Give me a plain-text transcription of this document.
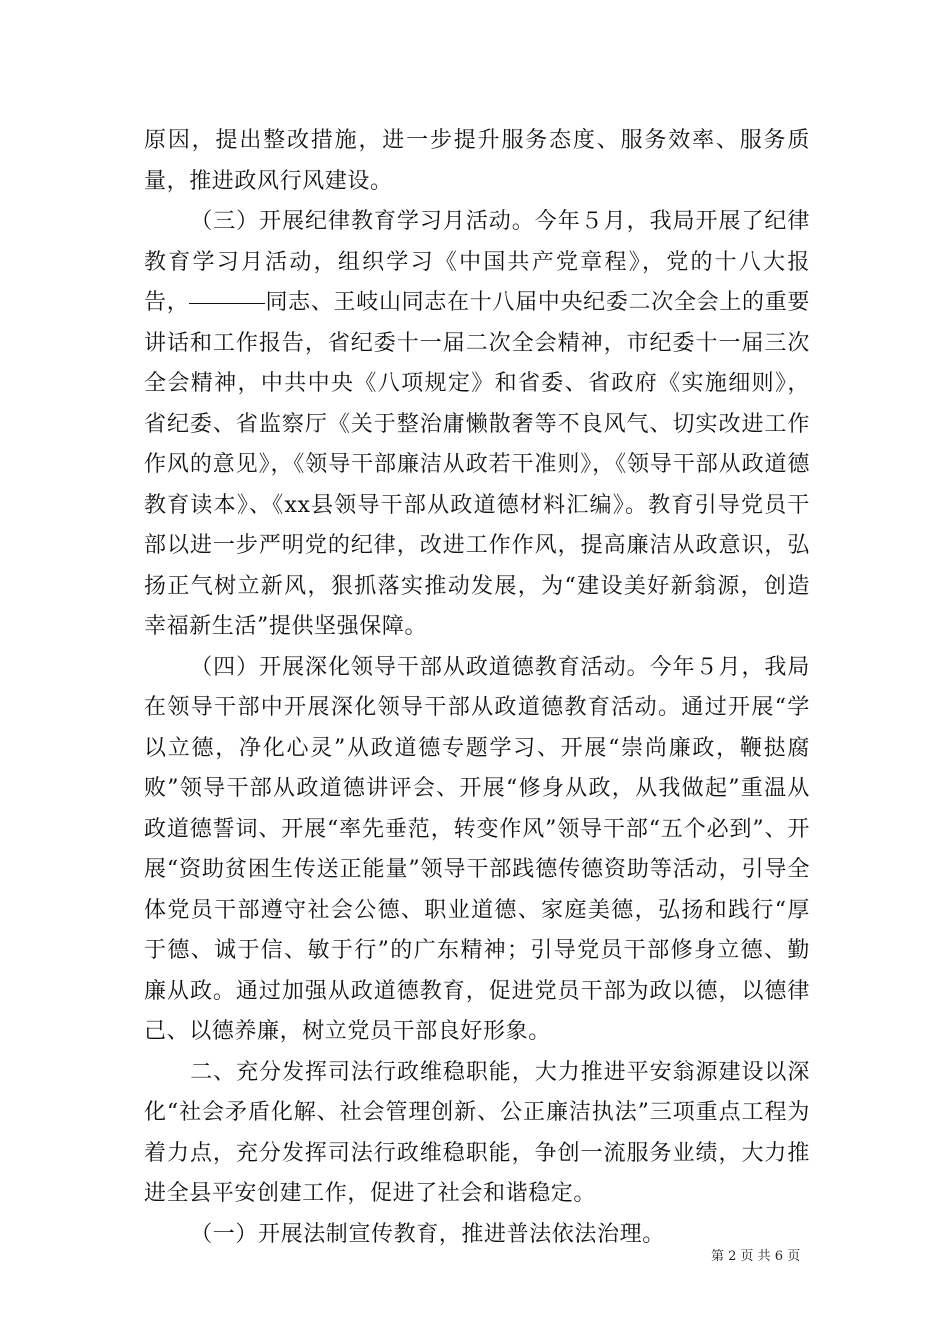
原因，提出整改措施，进一步提升服务态度、服务效率、服务质量，推进政风行风建设。

（三）开展纪律教育学习月活动。今年５月，我局开展了纪律教育学习月活动，组织学习《中国共产党章程》，党的十八大报告，	同志、王岐山同志在十八届中央纪委二次全会上的重要讲话和工作报告，省纪委十一届二次全会精神，市纪委十一届三次全会精神，中共中央《八项规定》和省委、省政府《实施细则》，省纪委、省监察厅《关于整治庸懒散奢等不良风气、切实改进工作作风的意见》，《领导干部廉洁从政若干准则》，《领导干部从政道德教育读本》、《xx县领导干部从政道德材料汇编》。教育引导党员干部以进一步严明党的纪律，改进工作作风，提高廉洁从政意识，弘扬正气树立新风，狠抓落实推动发展，为“建设美好新翁源，创造幸福新生活”提供坚强保障。

（四）开展深化领导干部从政道德教育活动。今年５月，我局在领导干部中开展深化领导干部从政道德教育活动。通过开展“学以立德，净化心灵”从政道德专题学习、开展“崇尚廉政，鞭挞腐败”领导干部从政道德讲评会、开展“修身从政，从我做起”重温从政道德誓词、开展“率先垂范，转变作风”领导干部“五个必到”、开展“资助贫困生传送正能量”领导干部践德传德资助等活动，引导全体党员干部遵守社会公德、职业道德、家庭美德，弘扬和践行“厚于德、诚于信、敏于行”的广东精神；引导党员干部修身立德、勤廉从政。通过加强从政道德教育，促进党员干部为政以德，以德律己、以德养廉，树立党员干部良好形象。

二、充分发挥司法行政维稳职能，大力推进平安翁源建设以深化“社会矛盾化解、社会管理创新、公正廉洁执法”三项重点工程为着力点，充分发挥司法行政维稳职能，争创一流服务业绩，大力推进全县平安创建工作，促进了社会和谐稳定。

（一）开展法制宣传教育，推进普法依法治理。

第 2 页 共 6 页
